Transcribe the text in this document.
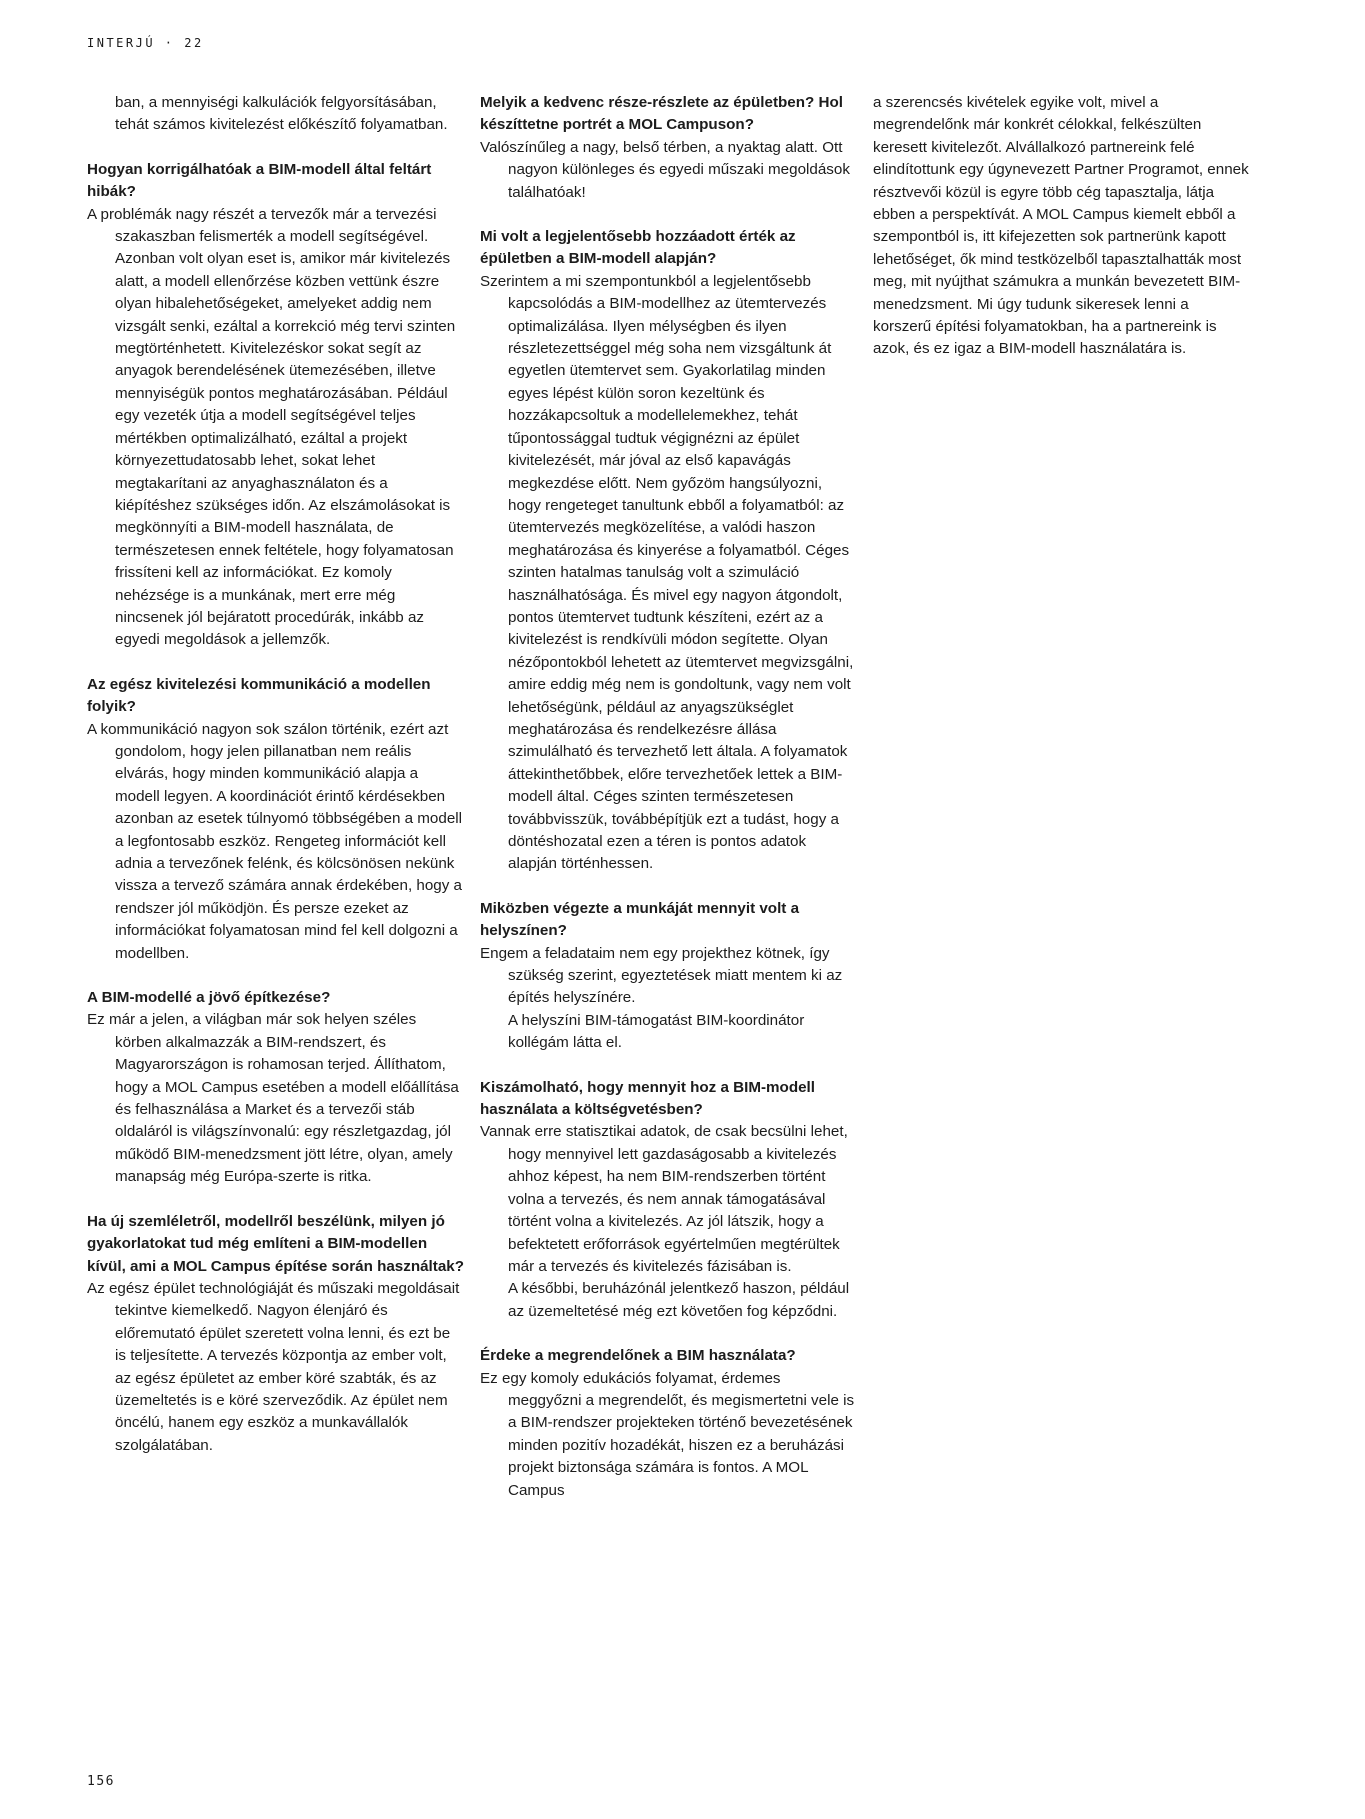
INTERJÚ · 22

ban, a mennyiségi kalkulációk felgyorsításában, tehát számos kivitelezést előkészítő folyamatban.

Hogyan korrigálhatóak a BIM-modell által feltárt hibák?

A problémák nagy részét a tervezők már a tervezési szakaszban felismerték a modell segítségével. Azonban volt olyan eset is, amikor már kivitelezés alatt, a modell ellenőrzése közben vettünk észre olyan hibalehetőségeket, amelyeket addig nem vizsgált senki, ezáltal a korrekció még tervi szinten megtörténhetett. Kivitelezéskor sokat segít az anyagok berendelésének ütemezésében, illetve mennyiségük pontos meghatározásában. Például egy vezeték útja a modell segítségével teljes mértékben optimalizálható, ezáltal a projekt környezettudatosabb lehet, sokat lehet megtakarítani az anyaghasználaton és a kiépítéshez szükséges időn. Az elszámolásokat is megkönnyíti a BIM-modell használata, de természetesen ennek feltétele, hogy folyamatosan frissíteni kell az információkat. Ez komoly nehézsége is a munkának, mert erre még nincsenek jól bejáratott procedúrák, inkább az egyedi megoldások a jellemzők.

Az egész kivitelezési kommunikáció a modellen folyik?

A kommunikáció nagyon sok szálon történik, ezért azt gondolom, hogy jelen pillanatban nem reális elvárás, hogy minden kommunikáció alapja a modell legyen. A koordinációt érintő kérdésekben azonban az esetek túlnyomó többségében a modell a legfontosabb eszköz. Rengeteg információt kell adnia a tervezőnek felénk, és kölcsönösen nekünk vissza a tervező számára annak érdekében, hogy a rendszer jól működjön. És persze ezeket az információkat folyamatosan mind fel kell dolgozni a modellben.

A BIM-modellé a jövő építkezése?

Ez már a jelen, a világban már sok helyen széles körben alkalmazzák a BIM-rendszert, és Magyarországon is rohamosan terjed. Állíthatom, hogy a MOL Campus esetében a modell előállítása és felhasználása a Market és a tervezői stáb oldaláról is világszínvonalú: egy részletgazdag, jól működő BIM-menedzsment jött létre, olyan, amely manapság még Európa-szerte is ritka.

Ha új szemléletről, modellről beszélünk, milyen jó gyakorlatokat tud még említeni a BIM-modellen kívül, ami a MOL Campus építése során használtak?

Az egész épület technológiáját és műszaki megoldásait tekintve kiemelkedő. Nagyon élenjáró és előremutató épület szeretett volna lenni, és ezt be is teljesítette. A tervezés központja az ember volt, az egész épületet az ember köré szabták, és az üzemeltetés is e köré szerveződik. Az épület nem öncélú, hanem egy eszköz a munkavállalók szolgálatában.

Melyik a kedvenc része-részlete az épületben? Hol készíttetne portrét a MOL Campuson?

Valószínűleg a nagy, belső térben, a nyaktag alatt. Ott nagyon különleges és egyedi műszaki megoldások találhatóak!

Mi volt a legjelentősebb hozzáadott érték az épületben a BIM-modell alapján?

Szerintem a mi szempontunkból a legjelentősebb kapcsolódás a BIM-modellhez az ütemtervezés optimalizálása. Ilyen mélységben és ilyen részletezettséggel még soha nem vizsgáltunk át egyetlen ütemtervet sem. Gyakorlatilag minden egyes lépést külön soron kezeltünk és hozzákapcsoltuk a modellelemekhez, tehát tűpontossággal tudtuk végignézni az épület kivitelezését, már jóval az első kapavágás megkezdése előtt. Nem győzöm hangsúlyozni, hogy rengeteget tanultunk ebből a folyamatból: az ütemtervezés megközelítése, a valódi haszon meghatározása és kinyerése a folyamatból. Céges szinten hatalmas tanulság volt a szimuláció használhatósága. És mivel egy nagyon átgondolt, pontos ütemtervet tudtunk készíteni, ezért az a kivitelezést is rendkívüli módon segítette. Olyan nézőpontokból lehetett az ütemtervet megvizsgálni, amire eddig még nem is gondoltunk, vagy nem volt lehetőségünk, például az anyagszükséglet meghatározása és rendelkezésre állása szimulálható és tervezhető lett általa. A folyamatok áttekinthetőbbek, előre tervezhetőek lettek a BIM-modell által. Céges szinten természetesen továbbvisszük, továbbépítjük ezt a tudást, hogy a döntéshozatal ezen a téren is pontos adatok alapján történhessen.

Miközben végezte a munkáját mennyit volt a helyszínen?

Engem a feladataim nem egy projekthez kötnek, így szükség szerint, egyeztetések miatt mentem ki az építés helyszínére.

A helyszíni BIM-támogatást BIM-koordinátor kollégám látta el.

Kiszámolható, hogy mennyit hoz a BIM-modell használata a költségvetésben?

Vannak erre statisztikai adatok, de csak becsülni lehet, hogy mennyivel lett gazdaságosabb a kivitelezés ahhoz képest, ha nem BIM-rendszerben történt volna a tervezés, és nem annak támogatásával történt volna a kivitelezés. Az jól látszik, hogy a befektetett erőforrások egyértelműen megtérültek már a tervezés és kivitelezés fázisában is.

A későbbi, beruházónál jelentkező haszon, például az üzemeltetésé még ezt követően fog képződni.

Érdeke a megrendelőnek a BIM használata?

Ez egy komoly edukációs folyamat, érdemes meggyőzni a megrendelőt, és megismertetni vele is a BIM-rendszer projekteken történő bevezetésének minden pozitív hozadékát, hiszen ez a beruházási projekt biztonsága számára is fontos. A MOL Campus

a szerencsés kivételek egyike volt, mivel a megrendelőnk már konkrét célokkal, felkészülten keresett kivitelezőt. Alvállalkozó partnereink felé elindítottunk egy úgynevezett Partner Programot, ennek résztvevői közül is egyre több cég tapasztalja, látja ebben a perspektívát. A MOL Campus kiemelt ebből a szempontból is, itt kifejezetten sok partnerünk kapott lehetőséget, ők mind testközelből tapasztalhatták most meg, mit nyújthat számukra a munkán bevezetett BIM-menedzsment. Mi úgy tudunk sikeresek lenni a korszerű építési folyamatokban, ha a partnereink is azok, és ez igaz a BIM-modell használatára is.

156
